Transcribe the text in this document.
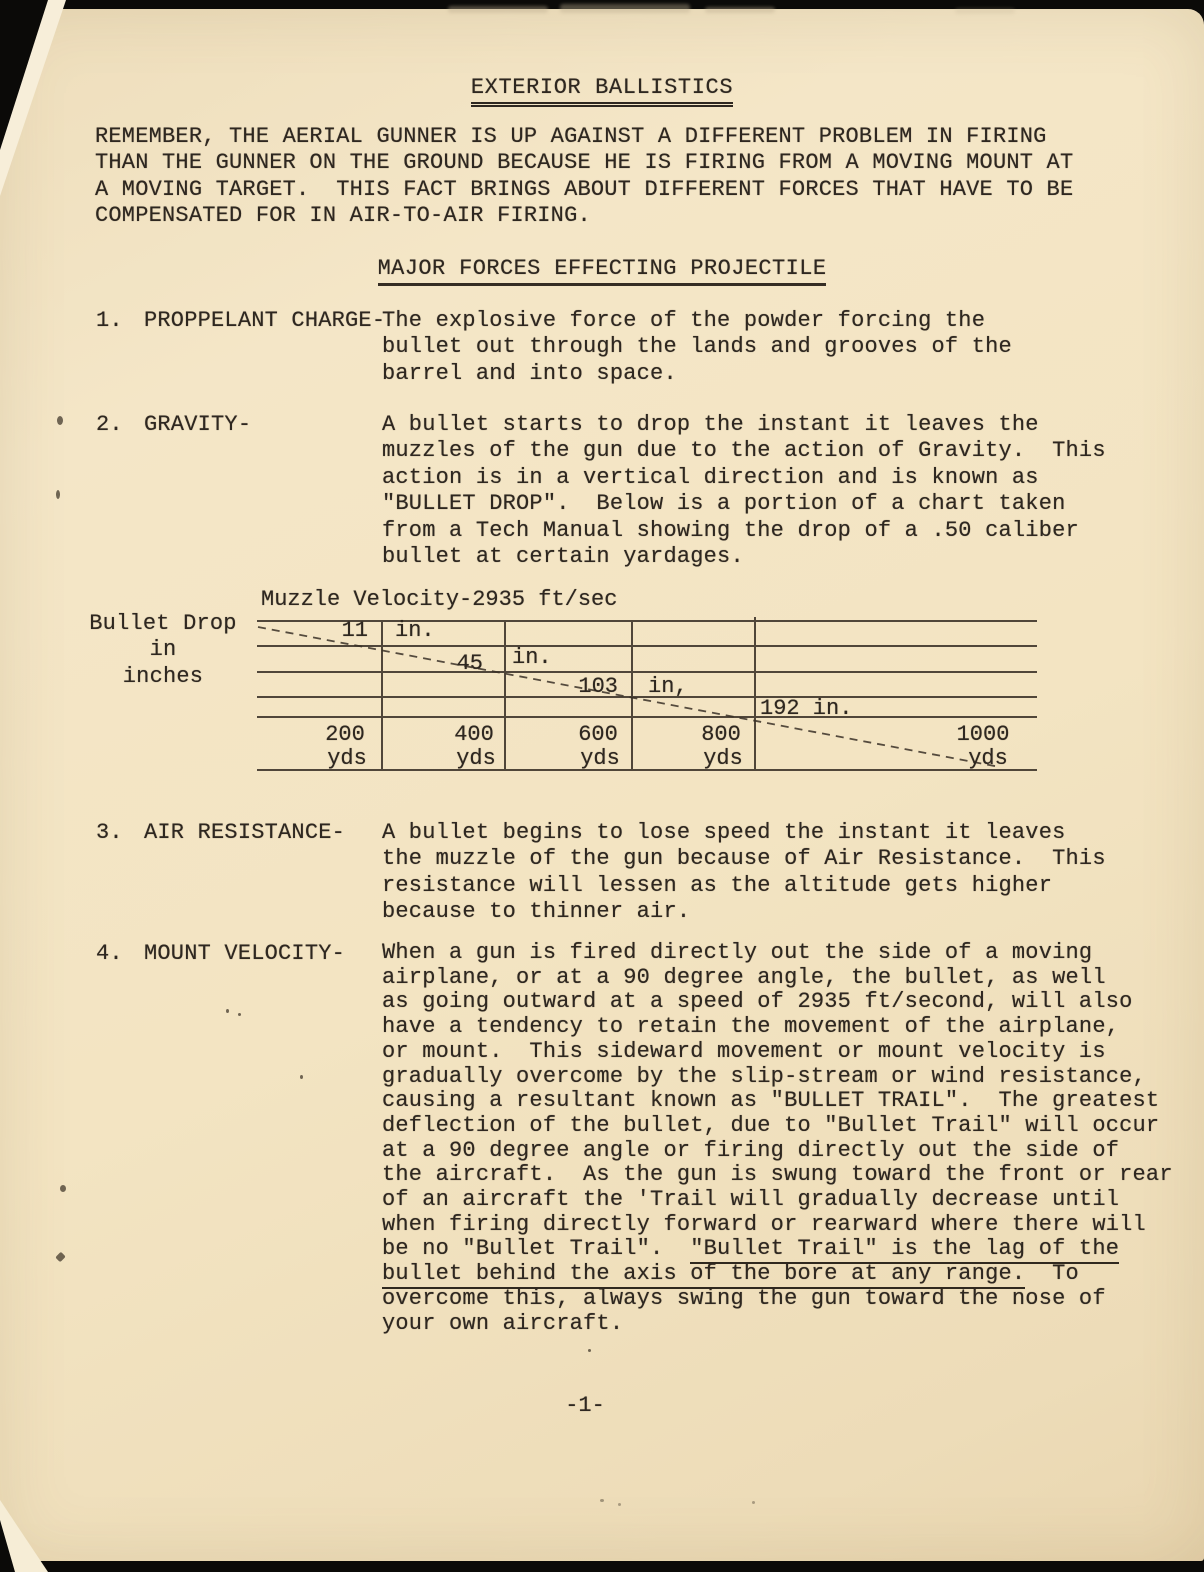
EXTERIOR BALLISTICS
REMEMBER, THE AERIAL GUNNER IS UP AGAINST A DIFFERENT PROBLEM IN FIRING
THAN THE GUNNER ON THE GROUND BECAUSE HE IS FIRING FROM A MOVING MOUNT AT
A MOVING TARGET.  THIS FACT BRINGS ABOUT DIFFERENT FORCES THAT HAVE TO BE
COMPENSATED FOR IN AIR-TO-AIR FIRING.
MAJOR FORCES EFFECTING PROJECTILE
1. PROPPELANT CHARGE-
The explosive force of the powder forcing the
bullet out through the lands and grooves of the
barrel and into space.
2. GRAVITY-	A bullet starts to drop the instant it leaves the
muzzles of the gun due to the action of Gravity.  This
action is in a vertical direction and is known as
"BULLET DROP".  Below is a portion of a chart taken
from a Tech Manual showing the drop of a .50 caliber
bullet at certain yardages.
3. AIR RESISTANCE- A bullet begins to lose speed the instant it leaves
the muzzle of the gun because of Air Resistance.  This
resistance will lessen as the altitude gets higher
because to thinner air.
4. MOUNT VELOCITY- When a gun is fired directly out the side of a moving
airplane, or at a 90 degree angle, the bullet, as well
as going outward at a speed of 2935 ft/second, will also
have a tendency to retain the movement of the airplane,
or mount.  This sideward movement or mount velocity is
gradually overcome by the slip-stream or wind resistance,
causing a resultant known as "BULLET TRAIL".  The greatest
deflection of the bullet, due to "Bullet Trail" will occur
at a 90 degree angle or firing directly out the side of
the aircraft.  As the gun is swung toward the front or rear
of an aircraft the 'Trail will gradually decrease until
when firing directly forward or rearward where there will
be no "Bullet Trail".  "Bullet Trail" is the lag of the
bullet behind the axis of the bore at any range.  To
overcome this, always swing the gun toward the nose of
your own aircraft.
Muzzle Velocity-2935 ft/sec
Bullet Drop
in
inches
11 in.
45 in.
103 in,
192 in.
200
yds
400
yds
600
yds
800
yds
1000
yds
-1-
